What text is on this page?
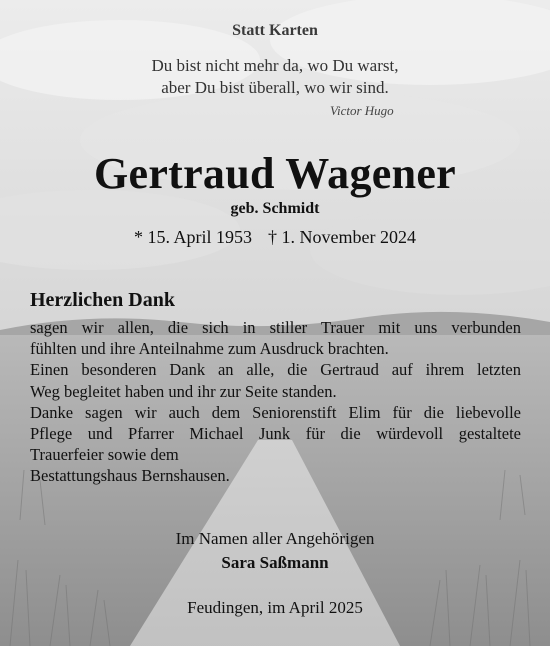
Statt Karten
Du bist nicht mehr da, wo Du warst,
aber Du bist überall, wo wir sind.
Victor Hugo
Gertraud Wagener
geb. Schmidt
* 15. April 1953 † 1. November 2024
Herzlichen Dank
sagen wir allen, die sich in stiller Trauer mit uns verbunden
fühlten und ihre Anteilnahme zum Ausdruck brachten.
Einen besonderen Dank an alle, die Gertraud auf ihrem letzten
Weg begleitet haben und ihr zur Seite standen.
Danke sagen wir auch dem Seniorenstift Elim für die liebevolle
Pflege und Pfarrer Michael Junk für die würdevoll gestaltete
Trauerfeier sowie dem
Bestattungshaus Bernshausen.
Im Namen aller Angehörigen
Sara Saßmann
Feudingen, im April 2025
